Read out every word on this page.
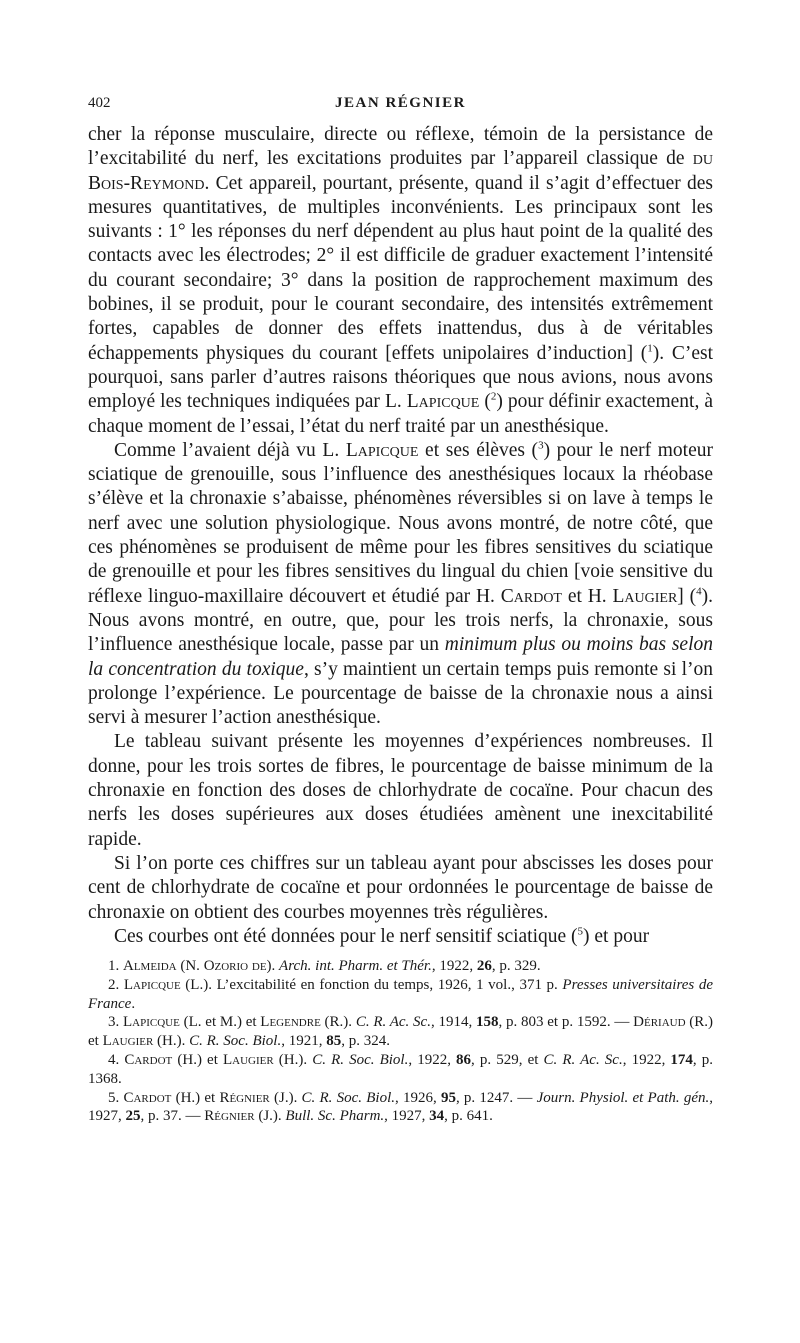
402	JEAN RÉGNIER

cher la réponse musculaire, directe ou réflexe, témoin de la persistance de l’excitabilité du nerf, les excitations produites par l’appareil classique de du Bois-Reymond. Cet appareil, pourtant, présente, quand il s’agit d’effectuer des mesures quantitatives, de multiples inconvénients. Les principaux sont les suivants : 1° les réponses du nerf dépendent au plus haut point de la qualité des contacts avec les électrodes; 2° il est difficile de graduer exactement l’intensité du courant secondaire; 3° dans la position de rapprochement maximum des bobines, il se produit, pour le courant secondaire, des intensités extrêmement fortes, capables de donner des effets inattendus, dus à de véritables échappements physiques du courant [effets unipolaires d’induction] ($^1$). C’est pourquoi, sans parler d’autres raisons théoriques que nous avions, nous avons employé les techniques indiquées par L. Lapicque ($^2$) pour définir exactement, à chaque moment de l’essai, l’état du nerf traité par un anesthésique.

Comme l’avaient déjà vu L. Lapicque et ses élèves ($^3$) pour le nerf moteur sciatique de grenouille, sous l’influence des anesthésiques locaux la rhéobase s’élève et la chronaxie s’abaisse, phénomènes réversibles si on lave à temps le nerf avec une solution physiologique. Nous avons montré, de notre côté, que ces phénomènes se produisent de même pour les fibres sensitives du sciatique de grenouille et pour les fibres sensitives du lingual du chien [voie sensitive du réflexe linguo-maxillaire découvert et étudié par H. Cardot et H. Laugier] ($^4$). Nous avons montré, en outre, que, pour les trois nerfs, la chronaxie, sous l’influence anesthésique locale, passe par un minimum plus ou moins bas selon la concentration du toxique, s’y maintient un certain temps puis remonte si l’on prolonge l’expérience. Le pourcentage de baisse de la chronaxie nous a ainsi servi à mesurer l’action anesthésique.

Le tableau suivant présente les moyennes d’expériences nombreuses. Il donne, pour les trois sortes de fibres, le pourcentage de baisse minimum de la chronaxie en fonction des doses de chlorhydrate de cocaïne. Pour chacun des nerfs les doses supérieures aux doses étudiées amènent une inexcitabilité rapide.

Si l’on porte ces chiffres sur un tableau ayant pour abscisses les doses pour cent de chlorhydrate de cocaïne et pour ordonnées le pourcentage de baisse de chronaxie on obtient des courbes moyennes très régulières.

Ces courbes ont été données pour le nerf sensitif sciatique ($^5$) et pour

1. Almeida (N. Ozorio de). Arch. int. Pharm. et Thér., 1922, 26, p. 329.

2. Lapicque (L.). L’excitabilité en fonction du temps, 1926, 1 vol., 371 p. Presses universitaires de France.

3. Lapicque (L. et M.) et Legendre (R.). C. R. Ac. Sc., 1914, 158, p. 803 et p. 1592. — Dériaud (R.) et Laugier (H.). C. R. Soc. Biol., 1921, 85, p. 324.

4. Cardot (H.) et Laugier (H.). C. R. Soc. Biol., 1922, 86, p. 529, et C. R. Ac. Sc., 1922, 174, p. 1368.

5. Cardot (H.) et Régnier (J.). C. R. Soc. Biol., 1926, 95, p. 1247. — Journ. Physiol. et Path. gén., 1927, 25, p. 37. — Régnier (J.). Bull. Sc. Pharm., 1927, 34, p. 641.
